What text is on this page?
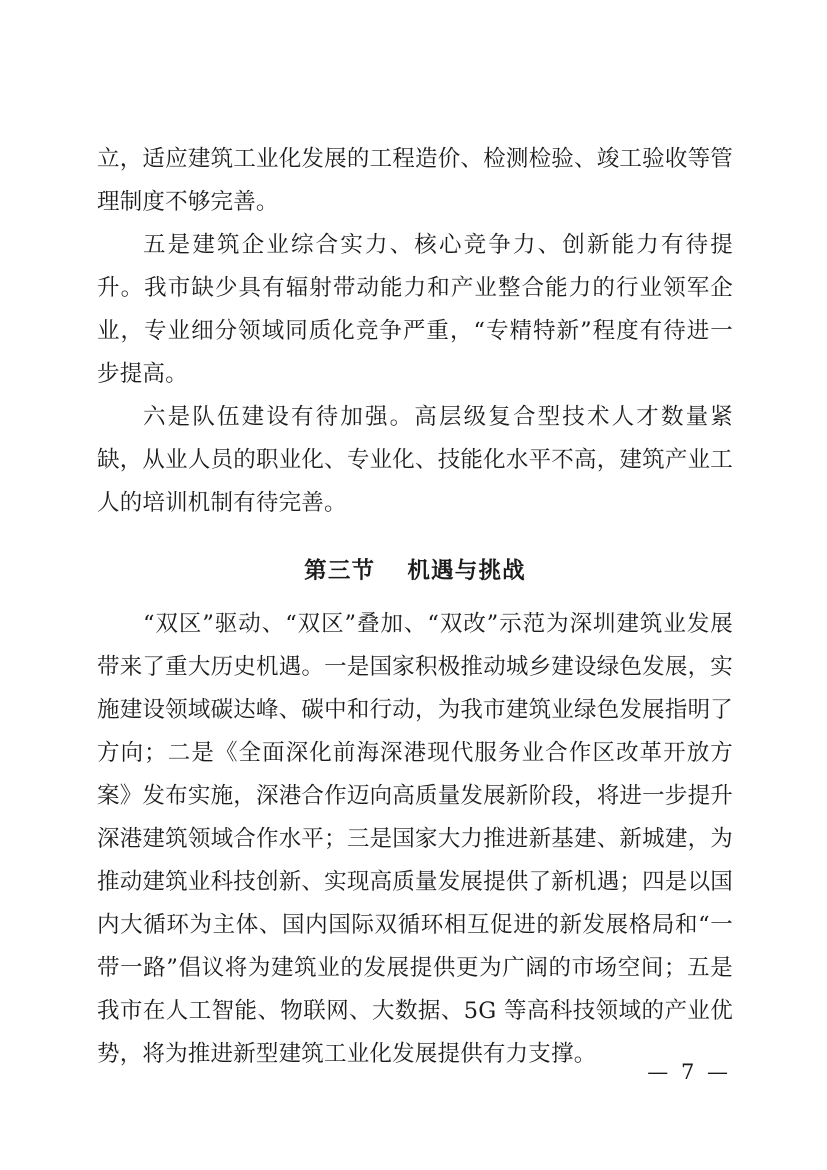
立，适应建筑工业化发展的工程造价、检测检验、竣工验收等管理制度不够完善。

五是建筑企业综合实力、核心竞争力、创新能力有待提升。我市缺少具有辐射带动能力和产业整合能力的行业领军企业，专业细分领域同质化竞争严重，“专精特新”程度有待进一步提高。

六是队伍建设有待加强。高层级复合型技术人才数量紧缺，从业人员的职业化、专业化、技能化水平不高，建筑产业工人的培训机制有待完善。

第三节 机遇与挑战

“双区”驱动、“双区”叠加、“双改”示范为深圳建筑业发展带来了重大历史机遇。一是国家积极推动城乡建设绿色发展，实施建设领域碳达峰、碳中和行动，为我市建筑业绿色发展指明了方向；二是《全面深化前海深港现代服务业合作区改革开放方案》发布实施，深港合作迈向高质量发展新阶段，将进一步提升深港建筑领域合作水平；三是国家大力推进新基建、新城建，为推动建筑业科技创新、实现高质量发展提供了新机遇；四是以国内大循环为主体、国内国际双循环相互促进的新发展格局和“一带一路”倡议将为建筑业的发展提供更为广阔的市场空间；五是我市在人工智能、物联网、大数据、5G 等高科技领域的产业优势，将为推进新型建筑工业化发展提供有力支撑。

— 7 —
